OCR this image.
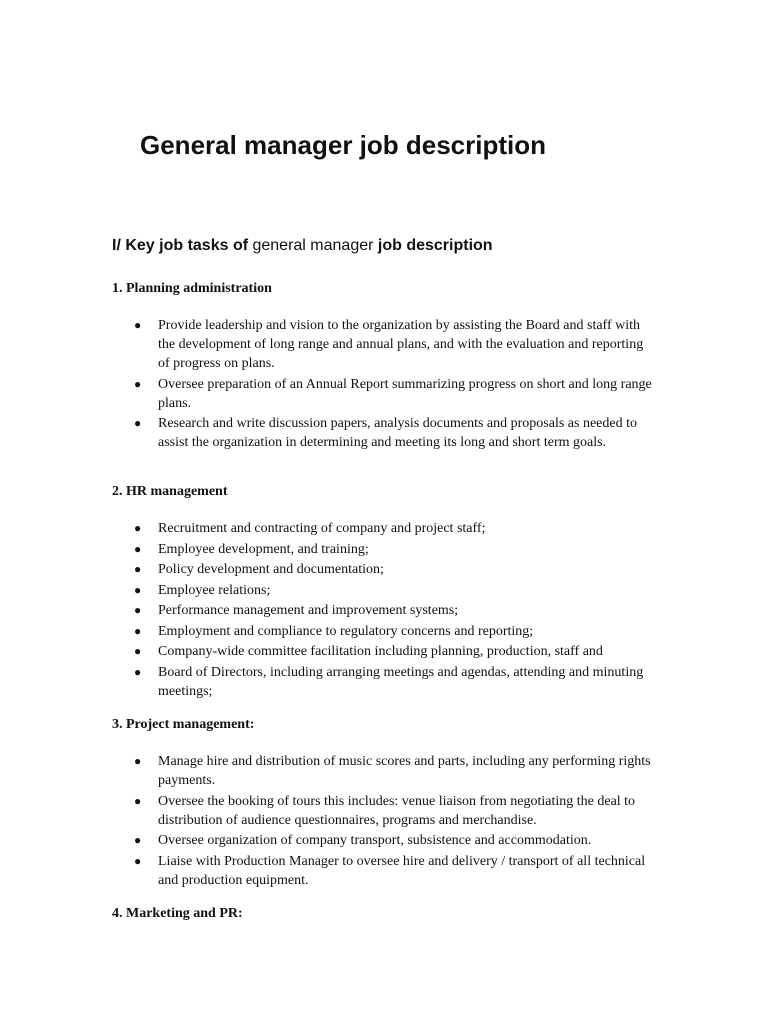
General manager job description
I/ Key job tasks of general manager job description
1. Planning administration
● Provide leadership and vision to the organization by assisting the Board and staff with the development of long range and annual plans, and with the evaluation and reporting of progress on plans.
● Oversee preparation of an Annual Report summarizing progress on short and long range plans.
● Research and write discussion papers, analysis documents and proposals as needed to assist the organization in determining and meeting its long and short term goals.
2. HR management
● Recruitment and contracting of company and project staff;
● Employee development, and training;
● Policy development and documentation;
● Employee relations;
● Performance management and improvement systems;
● Employment and compliance to regulatory concerns and reporting;
● Company-wide committee facilitation including planning, production, staff and
● Board of Directors, including arranging meetings and agendas, attending and minuting meetings;
3. Project management:
● Manage hire and distribution of music scores and parts, including any performing rights payments.
● Oversee the booking of tours this includes: venue liaison from negotiating the deal to distribution of audience questionnaires, programs and merchandise.
● Oversee organization of company transport, subsistence and accommodation.
● Liaise with Production Manager to oversee hire and delivery / transport of all technical and production equipment.
4. Marketing and PR:
